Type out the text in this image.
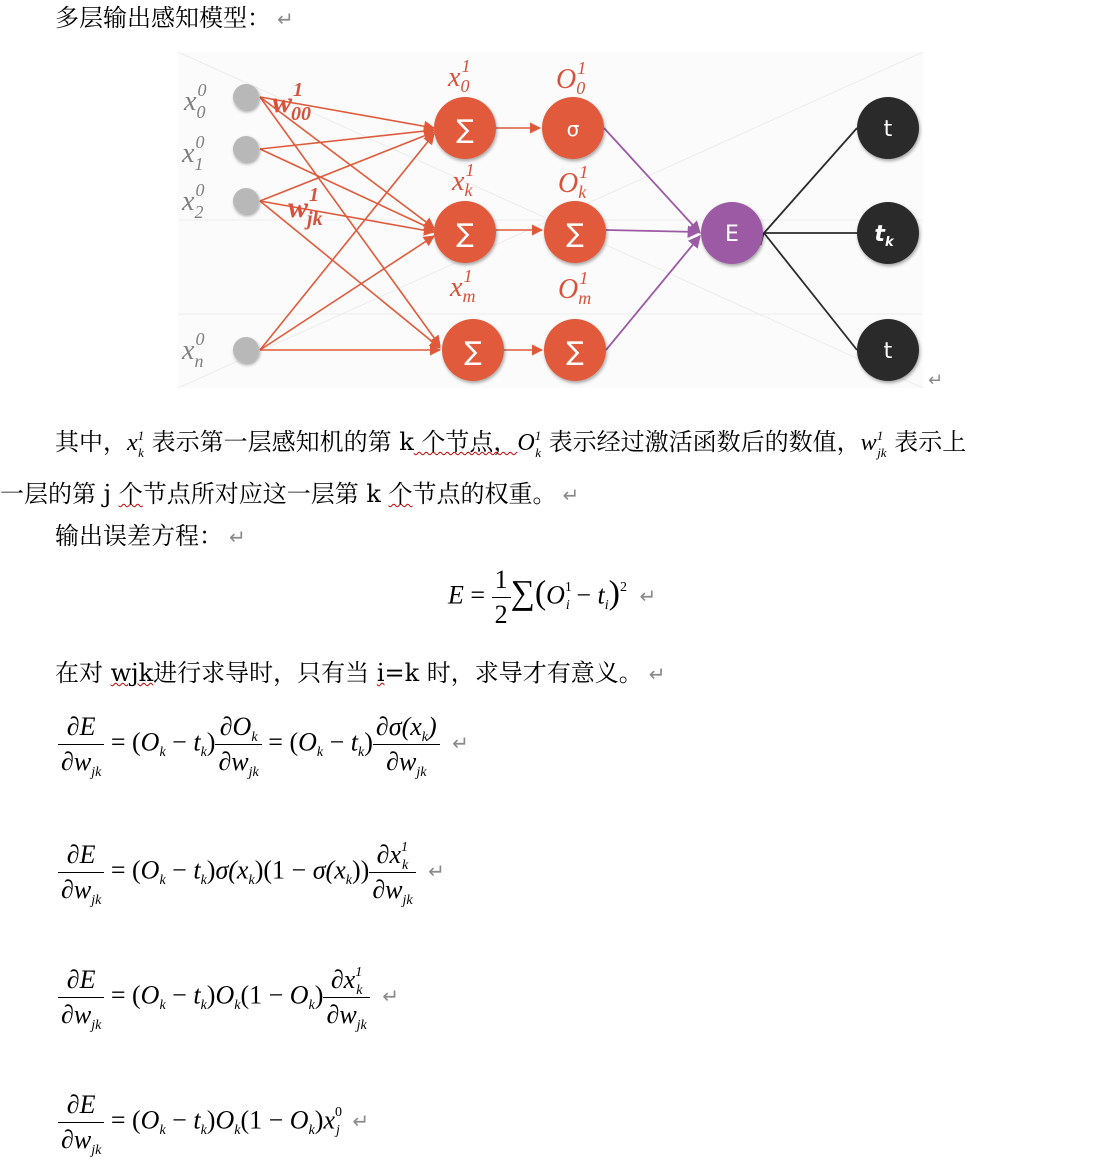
多层输出感知模型： ↵
∑
∑
∑
σ
∑
∑
E
t
$t_k$
t
$x^0$ 0
$x^0$ 1
$x^0$ 2
$x^0$ n
$w^1$ 00
$w^1$ jk
$x^1$ 0
$x^1$ k
$x^1$ m
$O^1$ 0
$O^1$ k
$O^1$ m
↵
其中，$x^1_k$ 表示第一层感知机的第 k 个节点，$O^1_k$ 表示经过激活函数后的数值，$w^1_{jk}$ 表示上
一层的第 j 个节点所对应这一层第 k 个节点的权重。 ↵
输出误差方程： ↵
$E = \frac{1}{2} \sum(O^1_i - t_i)^2$ ↵
在对 wjk进行求导时，只有当 i=k 时，求导才有意义。 ↵
$\frac{\partial E}{\partial w_{jk}} = (O_k - t_k) \frac{\partial O_k}{\partial w_{jk}} = (O_k - t_k) \frac{\partial\sigma(x_k)}{\partial w_{jk}}$ ↵
$\frac{\partial E}{\partial w_{jk}} = (O_k - t_k)\sigma(x_k)(1 - \sigma(x_k)) \frac{\partial x^1_k}{\partial w_{jk}}$ ↵
$\frac{\partial E}{\partial w_{jk}} = (O_k - t_k)O_k(1 - O_k) \frac{\partial x^1_k}{\partial w_{jk}}$ ↵
$\frac{\partial E}{\partial w_{jk}} = (O_k - t_k)O_k(1 - O_k)x^0_j$ ↵
